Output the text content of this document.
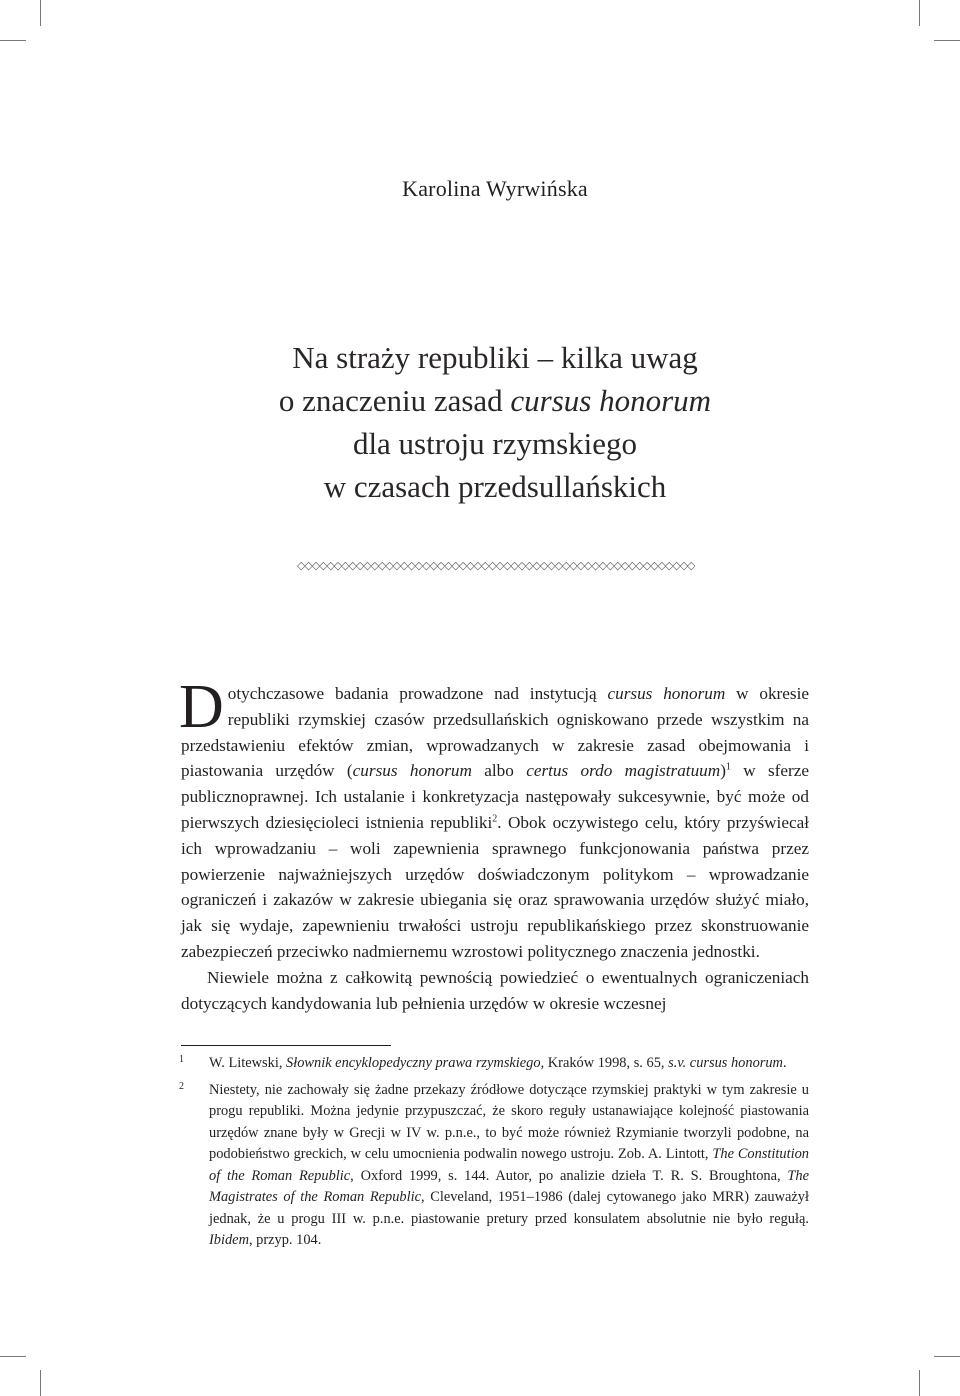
Karolina Wyrwińska
Na straży republiki – kilka uwag
o znaczeniu zasad cursus honorum
dla ustroju rzymskiego
w czasach przedsullańskich
◇◇◇◇◇◇◇◇◇◇◇◇◇◇◇◇◇◇◇◇◇◇◇◇◇◇◇◇◇◇◇◇◇◇◇◇◇◇◇◇◇◇◇◇◇◇◇◇◇◇◇◇◇◇

Dotychczasowe badania prowadzone nad instytucją cursus honorum w okresie republiki rzymskiej czasów przedsullańskich ogniskowano przede wszystkim na przedstawieniu efektów zmian, wprowadzanych w zakresie zasad obejmowania i piastowania urzędów (cursus honorum albo certus ordo magistratuum)$^1$ w sferze publicznoprawnej. Ich ustalanie i konkretyzacja następowały sukcesywnie, być może od pierwszych dziesięcioleci istnienia republiki$^2$. Obok oczywistego celu, który przyświecał ich wprowadzaniu – woli zapewnienia sprawnego funkcjonowania państwa przez powierzenie najważniejszych urzędów doświadczonym politykom – wprowadzanie ograniczeń i zakazów w zakresie ubiegania się oraz sprawowania urzędów służyć miało, jak się wydaje, zapewnieniu trwałości ustroju republikańskiego przez skonstruowanie zabezpieczeń przeciwko nadmiernemu wzrostowi politycznego znaczenia jednostki.

Niewiele można z całkowitą pewnością powiedzieć o ewentualnych ograniczeniach dotyczących kandydowania lub pełnienia urzędów w okresie wczesnej

1 W. Litewski, Słownik encyklopedyczny prawa rzymskiego, Kraków 1998, s. 65, s.v. cursus honorum.

2 Niestety, nie zachowały się żadne przekazy źródłowe dotyczące rzymskiej praktyki w tym zakresie u progu republiki. Można jedynie przypuszczać, że skoro reguły ustanawiające kolejność piastowania urzędów znane były w Grecji w IV w. p.n.e., to być może również Rzymianie tworzyli podobne, na podobieństwo greckich, w celu umocnienia podwalin nowego ustroju. Zob. A. Lintott, The Constitution of the Roman Republic, Oxford 1999, s. 144. Autor, po analizie dzieła T. R. S. Broughtona, The Magistrates of the Roman Republic, Cleveland, 1951–1986 (dalej cytowanego jako MRR) zauważył jednak, że u progu III w. p.n.e. piastowanie pretury przed konsulatem absolutnie nie było regułą. Ibidem, przyp. 104.
